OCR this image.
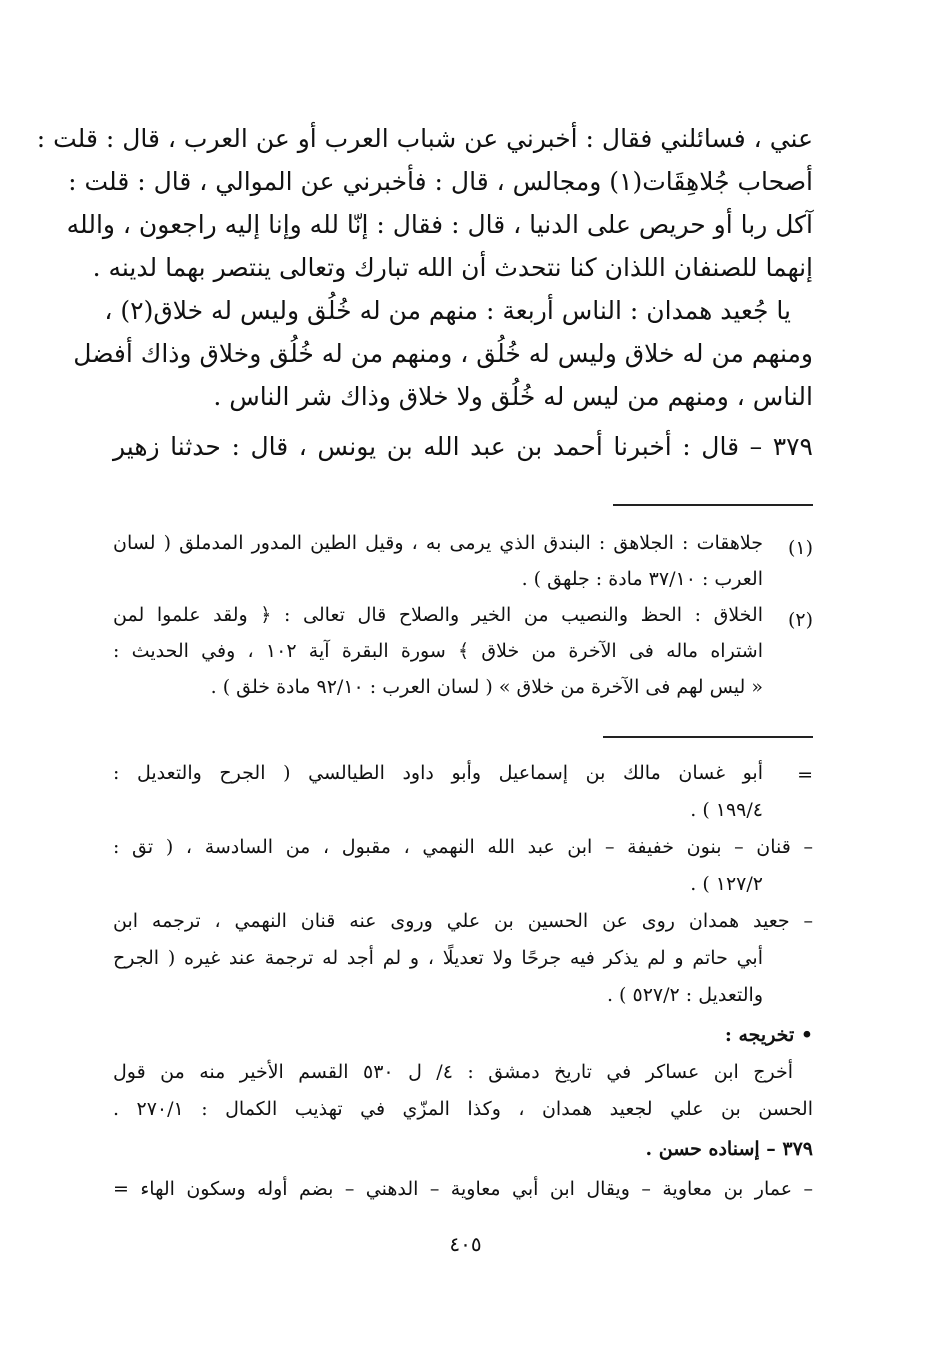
عني ، فسائلني فقال : أخبرني عن شباب العرب أو عن العرب ، قال : قلت :
أصحاب جُلاهِقَات(١) ومجالس ، قال : فأخبرني عن الموالي ، قال : قلت :
آكل ربا أو حريص على الدنيا ، قال : فقال : إنّا لله وإنا إليه راجعون ، والله
إنهما للصنفان اللذان كنا نتحدث أن الله تبارك وتعالى ينتصر بهما لدينه .
يا جُعيد همدان : الناس أربعة : منهم من له خُلُق وليس له خلاق(٢) ،
ومنهم من له خلاق وليس له خُلُق ، ومنهم من له خُلُق وخلاق وذاك أفضل
الناس ، ومنهم من ليس له خُلُق ولا خلاق وذاك شر الناس .
٣٧٩ – قال : أخبرنا أحمد بن عبد الله بن يونس ، قال : حدثنا زهير
(١)
جلاهقات : الجلاهق : البندق الذي يرمى به ، وقيل الطين المدور المدملق ( لسان
العرب : ٣٧/١٠ مادة : جلهق ) .
(٢)
الخلاق : الحظ والنصيب من الخير والصلاح قال تعالى : ﴿ ولقد علموا لمن
اشتراه ماله فى الآخرة من خلاق ﴾ سورة البقرة آية ١٠٢ ، وفي الحديث :
« ليس لهم فى الآخرة من خلاق » ( لسان العرب : ٩٢/١٠ مادة خلق ) .
=
أبو غسان مالك بن إسماعيل وأبو داود الطيالسي ( الجرح والتعديل :
١٩٩/٤ ) .
– قنان – بنون خفيفة – ابن عبد الله النهمي ، مقبول ، من السادسة ، ( تق :
١٢٧/٢ ) .
– جعيد همدان روى عن الحسين بن علي وروى عنه قنان النهمي ، ترجمه ابن
أبي حاتم و لم يذكر فيه جرحًا ولا تعديلًا ، و لم أجد له ترجمة عند غيره ( الجرح
والتعديل : ٥٢٧/٢ ) .
• تخريجه :
أخرج ابن عساكر في تاريخ دمشق : ٤/ ل ٥٣٠ القسم الأخير منه من قول
الحسن بن علي لجعيد همدان ، وكذا المزّي في تهذيب الكمال : ٢٧٠/١ .
٣٧٩ – إسناده حسن .
– عمار بن معاوية – ويقال ابن أبي معاوية – الدهني – بضم أوله وسكون الهاء =
٤٠٥
